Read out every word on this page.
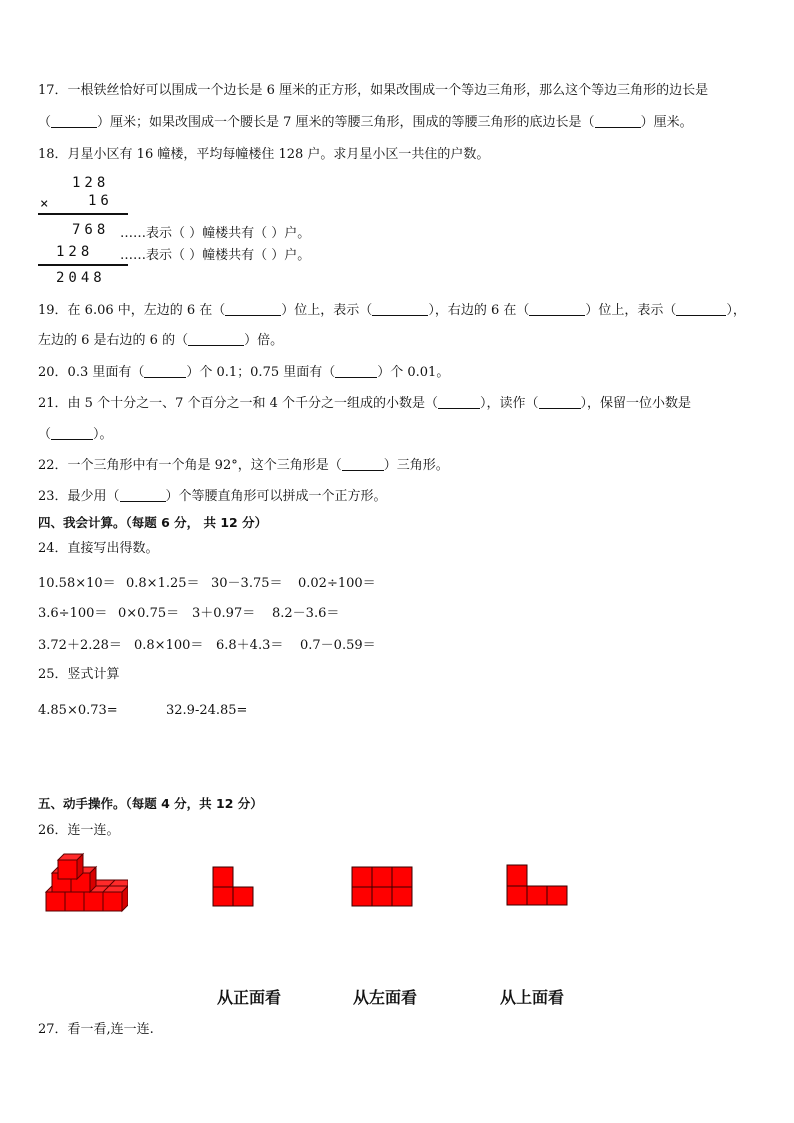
17．一根铁丝恰好可以围成一个边长是 6 厘米的正方形，如果改围成一个等边三角形，那么这个等边三角形的边长是
（	）厘米；如果改围成一个腰长是 7 厘米的等腰三角形，围成的等腰三角形的底边长是（	）厘米。
18．月星小区有 16 幢楼，平均每幢楼住 128 户。求月星小区一共住的户数。
128
×	16
768 ……表示（ ）幢楼共有（ ）户。
128 ……表示（ ）幢楼共有（ ）户。
2048
19．在 6.06 中，左边的 6 在（	）位上，表示（	），右边的 6 在（	）位上，表示（	），
左边的 6 是右边的 6 的（	）倍。
20．0.3 里面有（	）个 0.1；0.75 里面有（	）个 0.01。
21．由 5 个十分之一、7 个百分之一和 4 个千分之一组成的小数是（	），读作（	），保留一位小数是
（	）。
22．一个三角形中有一个角是 92°，这个三角形是（	）三角形。
23．最少用（	）个等腰直角形可以拼成一个正方形。
四、我会计算。（每题 6 分， 共 12 分）
24．直接写出得数。
10.58×10＝ 0.8×1.25＝ 30－3.75＝ 0.02÷100＝
3.6÷100＝ 0×0.75＝ 3＋0.97＝ 8.2－3.6＝
3.72＋2.28＝ 0.8×100＝ 6.8＋4.3＝ 0.7－0.59＝
25．竖式计算
4.85×0.73=	32.9-24.85=
五、动手操作。（每题 4 分，共 12 分）
26．连一连。
从正面看	从左面看	从上面看
27．看一看,连一连.
